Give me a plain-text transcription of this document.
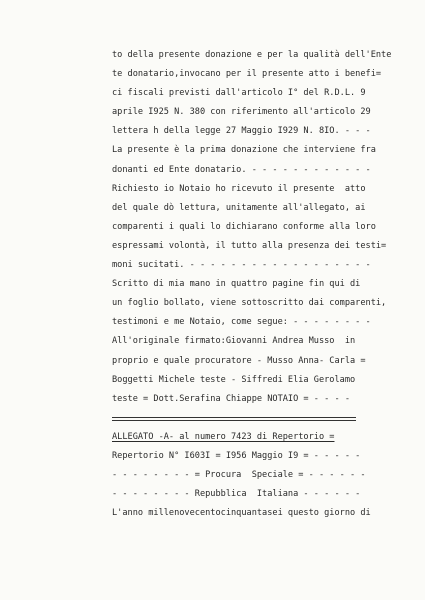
to della presente donazione e per la qualità dell'Ente
te donatario,invocano per il presente atto i benefi=
ci fiscali previsti dall'articolo I° del R.D.L. 9
aprile I925 N. 380 con riferimento all'articolo 29
lettera h della legge 27 Maggio I929 N. 8IO. - - -
La presente è la prima donazione che interviene fra
donanti ed Ente donatario. - - - - - - - - - - - -
Richiesto io Notaio ho ricevuto il presente  atto
del quale dò lettura, unitamente all'allegato, ai
comparenti i quali lo dichiarano conforme alla loro
espressami volontà, il tutto alla presenza dei testi=
moni sucitati. - - - - - - - - - - - - - - - - - -
Scritto di mia mano in quattro pagine fin qui di
un foglio bollato, viene sottoscritto dai comparenti,
testimoni e me Notaio, come segue: - - - - - - - -
All'originale firmato:Giovanni Andrea Musso  in
proprio e quale procuratore - Musso Anna- Carla =
Boggetti Michele teste - Siffredi Elia Gerolamo
teste = Dott.Serafina Chiappe NOTAIO = - - - -
ALLEGATO -A- al numero 7423 di Repertorio =
Repertorio N° I603I = I956 Maggio I9 = - - - - -
- - - - - - - - = Procura  Speciale = - - - - - -
- - - - - - - - Repubblica  Italiana - - - - - -
L'anno millenovecentocinquantasei questo giorno di
